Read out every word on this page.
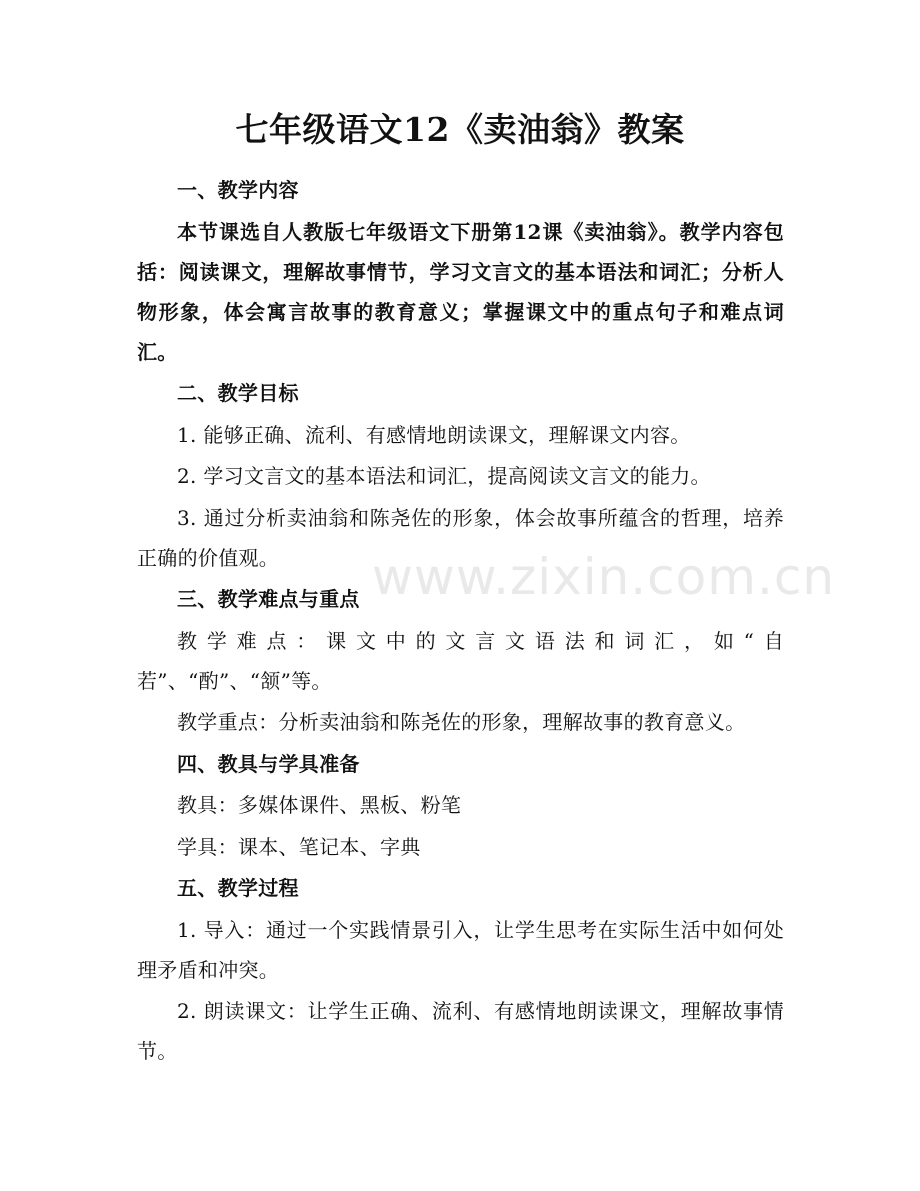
七年级语文12《卖油翁》教案
www.zixin.com.cn

一、教学内容

本节课选自人教版七年级语文下册第12课《卖油翁》。教学内容包括：阅读课文，理解故事情节，学习文言文的基本语法和词汇；分析人物形象，体会寓言故事的教育意义；掌握课文中的重点句子和难点词汇。

二、教学目标

1. 能够正确、流利、有感情地朗读课文，理解课文内容。

2. 学习文言文的基本语法和词汇，提高阅读文言文的能力。

3. 通过分析卖油翁和陈尧佐的形象，体会故事所蕴含的哲理，培养正确的价值观。

三、教学难点与重点

教学难点：课文中的文言文语法和词汇，如“自若”、“酌”、“颔”等。

教学重点：分析卖油翁和陈尧佐的形象，理解故事的教育意义。

四、教具与学具准备

教具：多媒体课件、黑板、粉笔

学具：课本、笔记本、字典

五、教学过程

1. 导入：通过一个实践情景引入，让学生思考在实际生活中如何处理矛盾和冲突。

2. 朗读课文：让学生正确、流利、有感情地朗读课文，理解故事情节。
